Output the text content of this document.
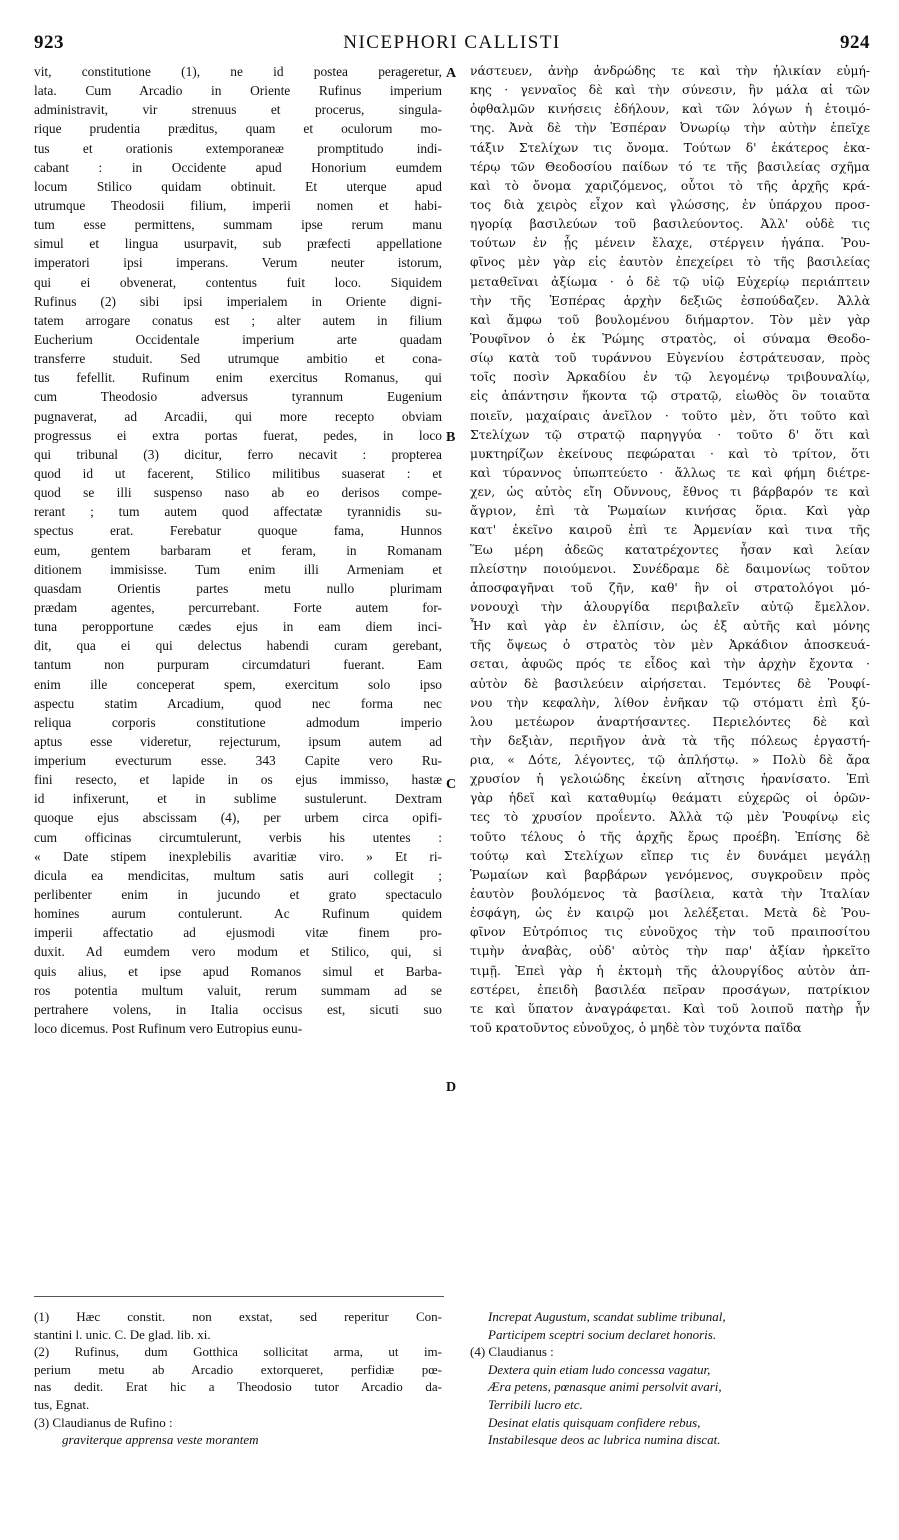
923	NICEPHORI CALLISTI	924
vit, constitutione (1), ne id postea perageretur,
lata. Cum Arcadio in Oriente Rufinus imperium
administravit, vir strenuus et procerus, singula-
rique prudentia præditus, quam et oculorum mo-
tus et orationis extemporaneæ promptitudo indi-
cabant : in Occidente apud Honorium eumdem
locum Stilico quidam obtinuit. Et uterque apud
utrumque Theodosii filium, imperii nomen et habi-
tum esse permittens, summam ipse rerum manu
simul et lingua usurpavit, sub præfecti appellatione
imperatori ipsi imperans. Verum neuter istorum,
qui ei obvenerat, contentus fuit loco. Siquidem
Rufinus (2) sibi ipsi imperialem in Oriente digni-
tatem arrogare conatus est ; alter autem in filium
Eucherium Occidentale imperium arte quadam
transferre studuit. Sed utrumque ambitio et cona-
tus fefellit. Rufinum enim exercitus Romanus, qui
cum Theodosio adversus tyrannum Eugenium
pugnaverat, ad Arcadii, qui more recepto obviam
progressus ei extra portas fuerat, pedes, in loco
qui tribunal (3) dicitur, ferro necavit : propterea
quod id ut facerent, Stilico militibus suaserat : et
quod se illi suspenso naso ab eo derisos compe-
rerant ; tum autem quod affectatæ tyrannidis su-
spectus erat. Ferebatur quoque fama, Hunnos
eum, gentem barbaram et feram, in Romanam
ditionem immisisse. Tum enim illi Armeniam et
quasdam Orientis partes metu nullo plurimam
prædam agentes, percurrebant. Forte autem for-
tuna peropportune cædes ejus in eam diem inci-
dit, qua ei qui delectus habendi curam gerebant,
tantum non purpuram circumdaturi fuerant. Eam
enim ille conceperat spem, exercitum solo ipso
aspectu statim Arcadium, quod nec forma nec
reliqua corporis constitutione admodum imperio
aptus esse videretur, rejecturum, ipsum autem ad
imperium evecturum esse. 343 Capite vero Ru-
fini resecto, et lapide in os ejus immisso, hastæ
id infixerunt, et in sublime sustulerunt. Dextram
quoque ejus abscissam (4), per urbem circa opifi-
cum officinas circumtulerunt, verbis his utentes :
« Date stipem inexplebilis avaritiæ viro. » Et ri-
dicula ea mendicitas, multum satis auri collegit ;
perlibenter enim in jucundo et grato spectaculo
homines aurum contulerunt. Ac Rufinum quidem
imperii affectatio ad ejusmodi vitæ finem pro-
duxit. Ad eumdem vero modum et Stilico, qui, si
quis alius, et ipse apud Romanos simul et Barba-
ros potentia multum valuit, rerum summam ad se
pertrahere volens, in Italia occisus est, sicuti suo
loco dicemus. Post Rufinum vero Eutropius eunu-
νάστευεν, ἀνὴρ ἀνδρώδης τε καὶ τὴν ἡλικίαν εὐμή-
κης · γενναῖος δὲ καὶ τὴν σύνεσιν, ἣν μάλα αἱ τῶν
ὀφθαλμῶν κινήσεις ἐδήλουν, καὶ τῶν λόγων ἡ ἑτοιμό-
της. Ἀνὰ δὲ τὴν Ἑσπέραν Ὀνωρίῳ τὴν αὐτὴν ἐπεῖχε
τάξιν Στελίχων τις ὄνομα. Τούτων δ' ἑκάτερος ἑκα-
τέρῳ τῶν Θεοδοσίου παίδων τό τε τῆς βασιλείας σχῆμα
καὶ τὸ ὄνομα χαριζόμενος, οὗτοι τὸ τῆς ἀρχῆς κρά-
τος διὰ χειρὸς εἶχον καὶ γλώσσης, ἐν ὑπάρχου προσ-
ηγορίᾳ βασιλεύων τοῦ βασιλεύοντος. Ἀλλ' οὐδὲ τις
τούτων ἐν ᾗς μένειν ἔλαχε, στέργειν ἠγάπα. Ῥου-
φῖνος μὲν γὰρ εἰς ἑαυτὸν ἐπεχείρει τὸ τῆς βασιλείας
μεταθεῖναι ἀξίωμα · ὁ δὲ τῷ υἱῷ Εὐχερίῳ περιάπτειν
τὴν τῆς Ἑσπέρας ἀρχὴν δεξιῶς ἐσπούδαζεν. Ἀλλὰ
καὶ ἄμφω τοῦ βουλομένου διήμαρτον. Τὸν μὲν γὰρ
Ῥουφῖνον ὁ ἐκ Ῥώμης στρατὸς, οἱ σύναμα Θεοδο-
σίῳ κατὰ τοῦ τυράννου Εὐγενίου ἐστράτευσαν, πρὸς
τοῖς ποσὶν Ἀρκαδίου ἐν τῷ λεγομένῳ τριβουναλίῳ,
εἰς ἀπάντησιν ἥκοντα τῷ στρατῷ, εἰωθὸς ὃν τοιαῦτα
ποιεῖν, μαχαίραις ἀνεῖλον · τοῦτο μὲν, ὅτι τοῦτο καὶ
Στελίχων τῷ στρατῷ παρηγγύα · τοῦτο δ' ὅτι καὶ
μυκτηρίζων ἐκείνους πεφώραται · καὶ τὸ τρίτον, ὅτι
καὶ τύραννος ὑπωπτεύετο · ἄλλως τε καὶ φήμη διέτρε-
χεν, ὡς αὐτὸς εἴη Οὔννους, ἔθνος τι βάρβαρόν τε καὶ
ἄγριον, ἐπὶ τὰ Ῥωμαίων κινήσας ὅρια. Καὶ γὰρ
κατ' ἐκεῖνο καιροῦ ἐπὶ τε Ἀρμενίαν καὶ τινα τῆς
Ἕω μέρη ἀδεῶς κατατρέχοντες ἦσαν καὶ λείαν
πλείστην ποιούμενοι. Συνέδραμε δὲ δαιμονίως τοῦτον
ἀποσφαγῆναι τοῦ ζῆν, καθ' ἣν οἱ στρατολόγοι μό-
νονουχὶ τὴν ἁλουργίδα περιβαλεῖν αὐτῷ ἔμελλον.
Ἦν καὶ γὰρ ἐν ἐλπίσιν, ὡς ἐξ αὐτῆς καὶ μόνης
τῆς ὄψεως ὁ στρατὸς τὸν μὲν Ἀρκάδιον ἀποσκευά-
σεται, ἀφυῶς πρός τε εἶδος καὶ τὴν ἀρχὴν ἔχοντα ·
αὐτὸν δὲ βασιλεύειν αἱρήσεται. Τεμόντες δὲ Ῥουφί-
νου τὴν κεφαλὴν, λίθον ἐνῆκαν τῷ στόματι ἐπὶ ξύ-
λου μετέωρον ἀναρτήσαντες. Περιελόντες δὲ καὶ
τὴν δεξιὰν, περιῆγον ἀνὰ τὰ τῆς πόλεως ἐργαστή-
ρια, « Δότε, λέγοντες, τῷ ἀπλήστῳ. » Πολὺ δὲ ἄρα
χρυσίον ἡ γελοιώδης ἐκείνη αἴτησις ἠρανίσατο. Ἐπὶ
γὰρ ἡδεῖ καὶ καταθυμίῳ θεάματι εὐχερῶς οἱ ὁρῶν-
τες τὸ χρυσίον προΐεντο. Ἀλλὰ τῷ μὲν Ῥουφίνῳ εἰς
τοῦτο τέλους ὁ τῆς ἀρχῆς ἔρως προέβη. Ἐπίσης δὲ
τούτῳ καὶ Στελίχων εἴπερ τις ἐν δυνάμει μεγάλῃ
Ῥωμαίων καὶ βαρβάρων γενόμενος, συγκροῦειν πρὸς
ἑαυτὸν βουλόμενος τὰ βασίλεια, κατὰ τὴν Ἰταλίαν
ἐσφάγη, ὡς ἐν καιρῷ μοι λελέξεται. Μετὰ δὲ Ῥου-
φῖνον Εὐτρόπιος τις εὐνοῦχος τὴν τοῦ πραιποσίτου
τιμὴν ἀναβὰς, οὐδ' αὐτὸς τὴν παρ' ἀξίαν ἠρκεῖτο
τιμῇ. Ἐπεὶ γὰρ ἡ ἐκτομὴ τῆς ἁλουργίδος αὐτὸν ἀπ-
εστέρει, ἐπειδὴ βασιλέα πεῖραν προσάγων, πατρίκιον
τε καὶ ὕπατον ἀναγράφεται. Καὶ τοῦ λοιποῦ πατὴρ ἦν
τοῦ κρατοῦντος εὐνοῦχος, ὁ μηδὲ τὸν τυχόντα παῖδα
A
B
C
D
(1) Hæc constit. non exstat, sed reperitur Con-
stantini l. unic. C. De glad. lib. xi.
(2) Rufinus, dum Gotthica sollicitat arma, ut im-
perium metu ab Arcadio extorqueret, perfidiæ pœ-
nas dedit. Erat hic a Theodosio tutor Arcadio da-
tus, Egnat.
(3) Claudianus de Rufino :
graviterque apprensa veste morantem
Increpat Augustum, scandat sublime tribunal,
Participem sceptri socium declaret honoris.
(4) Claudianus :
Dextera quin etiam ludo concessa vagatur,
Æra petens, pœnasque animi persolvit avari,
Terribili lucro etc.
Desinat elatis quisquam confidere rebus,
Instabilesque deos ac lubrica numina discat.
